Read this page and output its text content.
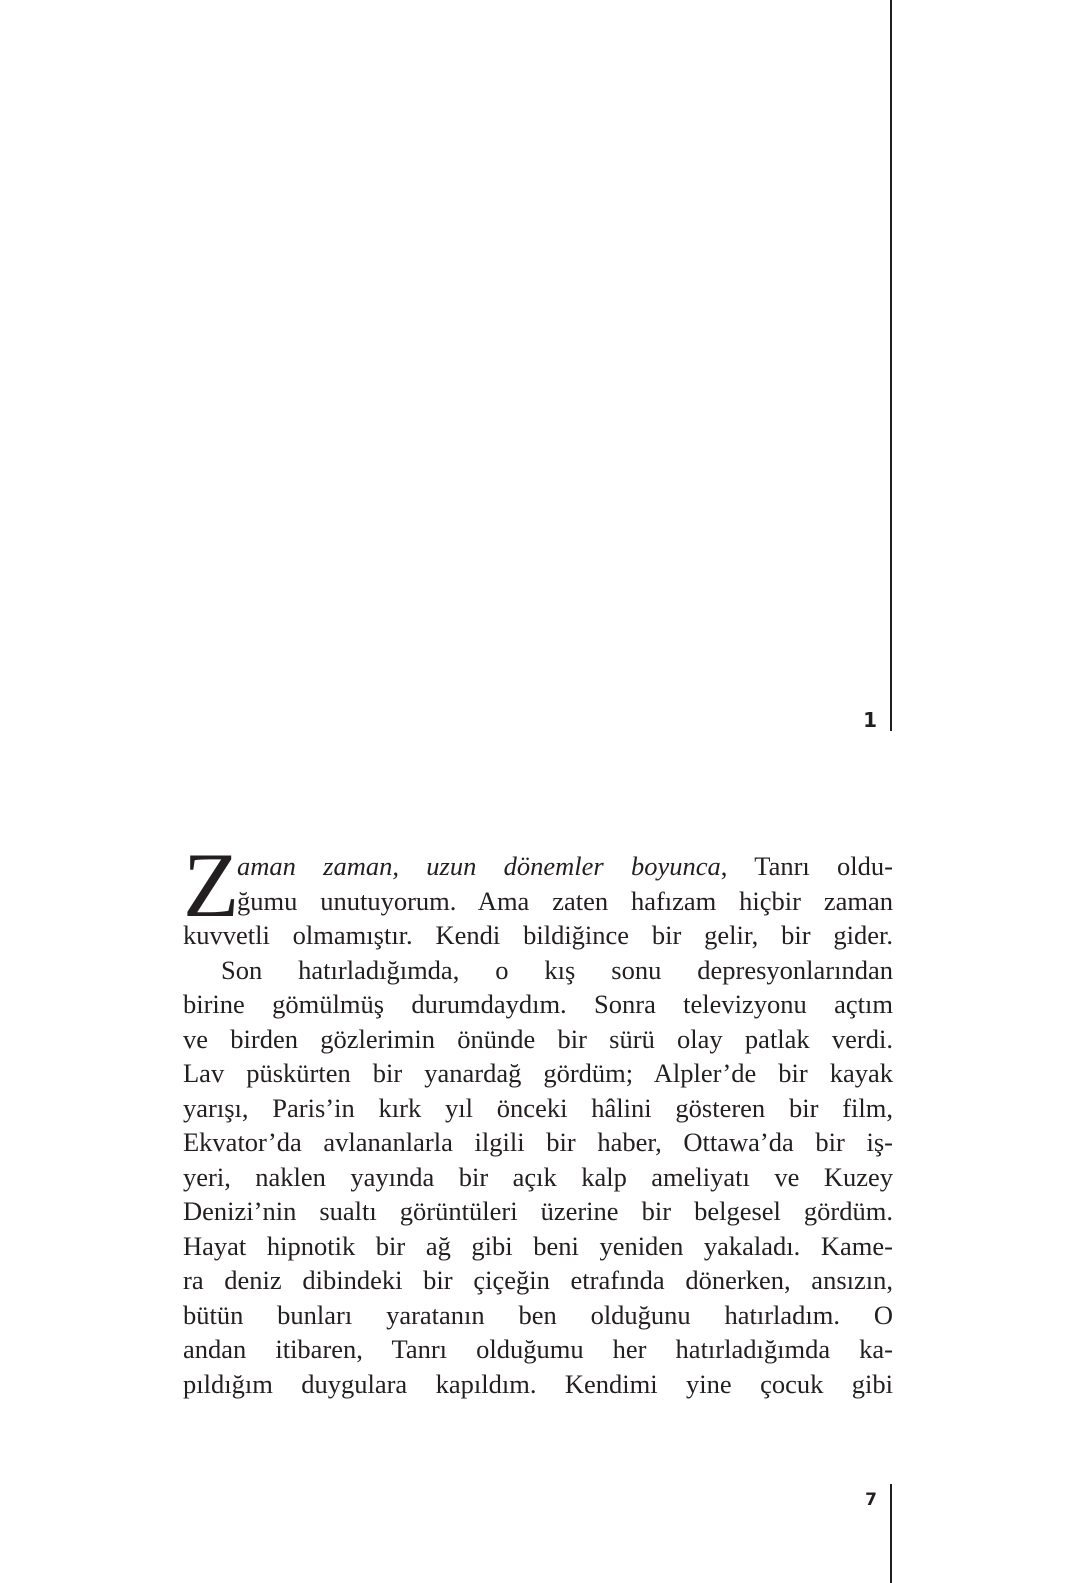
1
Z
aman zaman, uzun dönemler boyunca, Tanrı oldu-
ğumu unutuyorum. Ama zaten hafızam hiçbir zaman
kuvvetli olmamıştır. Kendi bildiğince bir gelir, bir gider.
Son hatırladığımda, o kış sonu depresyonlarından
birine gömülmüş durumdaydım. Sonra televizyonu açtım
ve birden gözlerimin önünde bir sürü olay patlak verdi.
Lav püskürten bir yanardağ gördüm; Alpler’de bir kayak
yarışı, Paris’in kırk yıl önceki hâlini gösteren bir film,
Ekvator’da avlananlarla ilgili bir haber, Ottawa’da bir iş-
yeri, naklen yayında bir açık kalp ameliyatı ve Kuzey
Denizi’nin sualtı görüntüleri üzerine bir belgesel gördüm.
Hayat hipnotik bir ağ gibi beni yeniden yakaladı. Kame-
ra deniz dibindeki bir çiçeğin etrafında dönerken, ansızın,
bütün bunları yaratanın ben olduğunu hatırladım. O
andan itibaren, Tanrı olduğumu her hatırladığımda ka-
pıldığım duygulara kapıldım. Kendimi yine çocuk gibi
7
